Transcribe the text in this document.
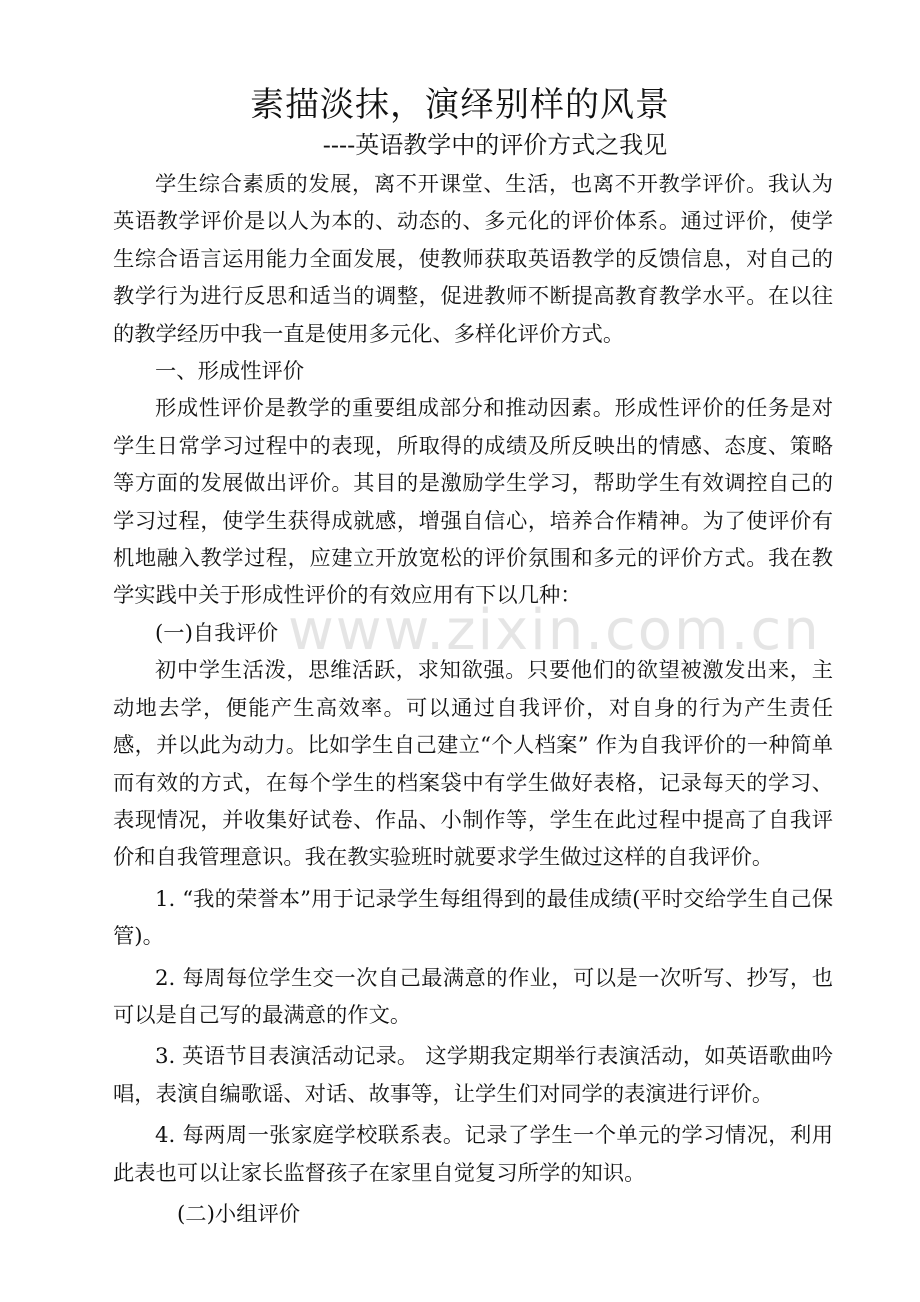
素描淡抹，演绎别样的风景
----英语教学中的评价方式之我见

学生综合素质的发展，离不开课堂、生活，也离不开教学评价。我认为英语教学评价是以人为本的、动态的、多元化的评价体系。通过评价，使学生综合语言运用能力全面发展，使教师获取英语教学的反馈信息，对自己的教学行为进行反思和适当的调整，促进教师不断提高教育教学水平。在以往的教学经历中我一直是使用多元化、多样化评价方式。

一、形成性评价

形成性评价是教学的重要组成部分和推动因素。形成性评价的任务是对学生日常学习过程中的表现，所取得的成绩及所反映出的情感、态度、策略等方面的发展做出评价。其目的是激励学生学习，帮助学生有效调控自己的学习过程，使学生获得成就感，增强自信心，培养合作精神。为了使评价有机地融入教学过程，应建立开放宽松的评价氛围和多元的评价方式。我在教学实践中关于形成性评价的有效应用有下以几种：

(一)自我评价

初中学生活泼，思维活跃，求知欲强。只要他们的欲望被激发出来，主动地去学，便能产生高效率。可以通过自我评价，对自身的行为产生责任感，并以此为动力。比如学生自己建立“个人档案” 作为自我评价的一种简单而有效的方式，在每个学生的档案袋中有学生做好表格，记录每天的学习、表现情况，并收集好试卷、作品、小制作等，学生在此过程中提高了自我评价和自我管理意识。我在教实验班时就要求学生做过这样的自我评价。

1. “我的荣誉本”用于记录学生每组得到的最佳成绩(平时交给学生自己保管)。

2. 每周每位学生交一次自己最满意的作业，可以是一次听写、抄写，也可以是自己写的最满意的作文。

3. 英语节目表演活动记录。 这学期我定期举行表演活动，如英语歌曲吟唱，表演自编歌谣、对话、故事等，让学生们对同学的表演进行评价。

4. 每两周一张家庭学校联系表。记录了学生一个单元的学习情况，利用此表也可以让家长监督孩子在家里自觉复习所学的知识。

(二)小组评价

www.zixin.com.cn
